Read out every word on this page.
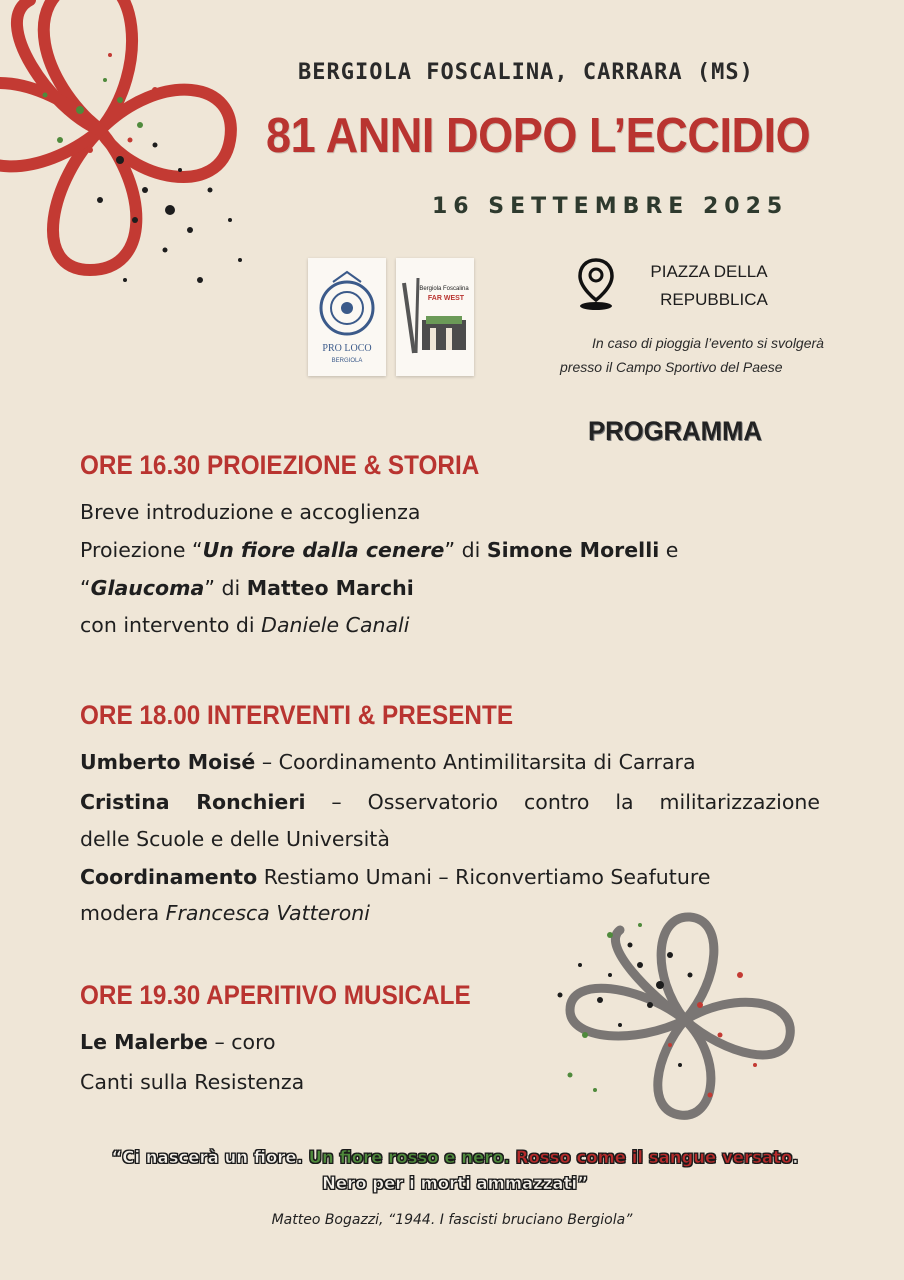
BERGIOLA FOSCALINA, CARRARA (MS)
81 ANNI DOPO L’ECCIDIO
16 SETTEMBRE 2025
PRO LOCO
BERGIOLA
Bergiola Foscalina
FAR WEST
PIAZZA DELLA
REPUBBLICA
In caso di pioggia l’evento si svolgerà
presso il Campo Sportivo del Paese
PROGRAMMA
ORE 16.30 PROIEZIONE & STORIA
Breve introduzione e accoglienza
Proiezione “Un fiore dalla cenere” di Simone Morelli e
“Glaucoma” di Matteo Marchi
con intervento di Daniele Canali
ORE 18.00 INTERVENTI & PRESENTE
Umberto Moisé – Coordinamento Antimilitarsita di Carrara
Cristina Ronchieri – Osservatorio contro la militarizzazione
delle Scuole e delle Università
Coordinamento Restiamo Umani – Riconvertiamo Seafuture
modera Francesca Vatteroni
ORE 19.30 APERITIVO MUSICALE
Le Malerbe – coro
Canti sulla Resistenza
“Ci nascerà un fiore. Un fiore rosso e nero. Rosso come il sangue versato. Nero per i morti ammazzati”
Matteo Bogazzi, “1944. I fascisti bruciano Bergiola”
